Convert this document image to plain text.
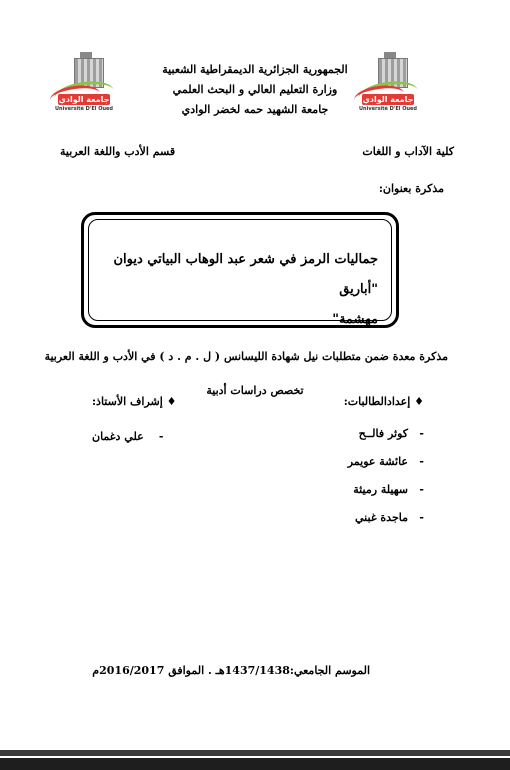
الجمهورية الجزائرية الديمقراطية الشعبية
وزارة التعليم العالي و البحث العلمي
جامعة الشهيد حمه لخضر الوادي
جامعة الوادي
Université D'El Oued
جامعة الوادي
Université D'El Oued
كلية الآداب و اللغات
قسم الأدب واللغة العربية
مذكرة بعنوان:
جماليات الرمز في شعر عبد الوهاب البياتي ديوان "أباريق
مهشمة"
مذكرة معدة ضمن متطلبات نيل شهادة الليسانس ( ل . م . د ) في الأدب و اللغة العربية
تخصص دراسات أدبية
♦ إعدادالطالبات:
♦ إشراف الأستاذ:
-كوثر فالــح
-عائشة عويمر
-سهيلة رميثة
-ماجدة غبني
- علي دغمان
الموسم الجامعي:1437/1438هـ . الموافق 2016/2017م
